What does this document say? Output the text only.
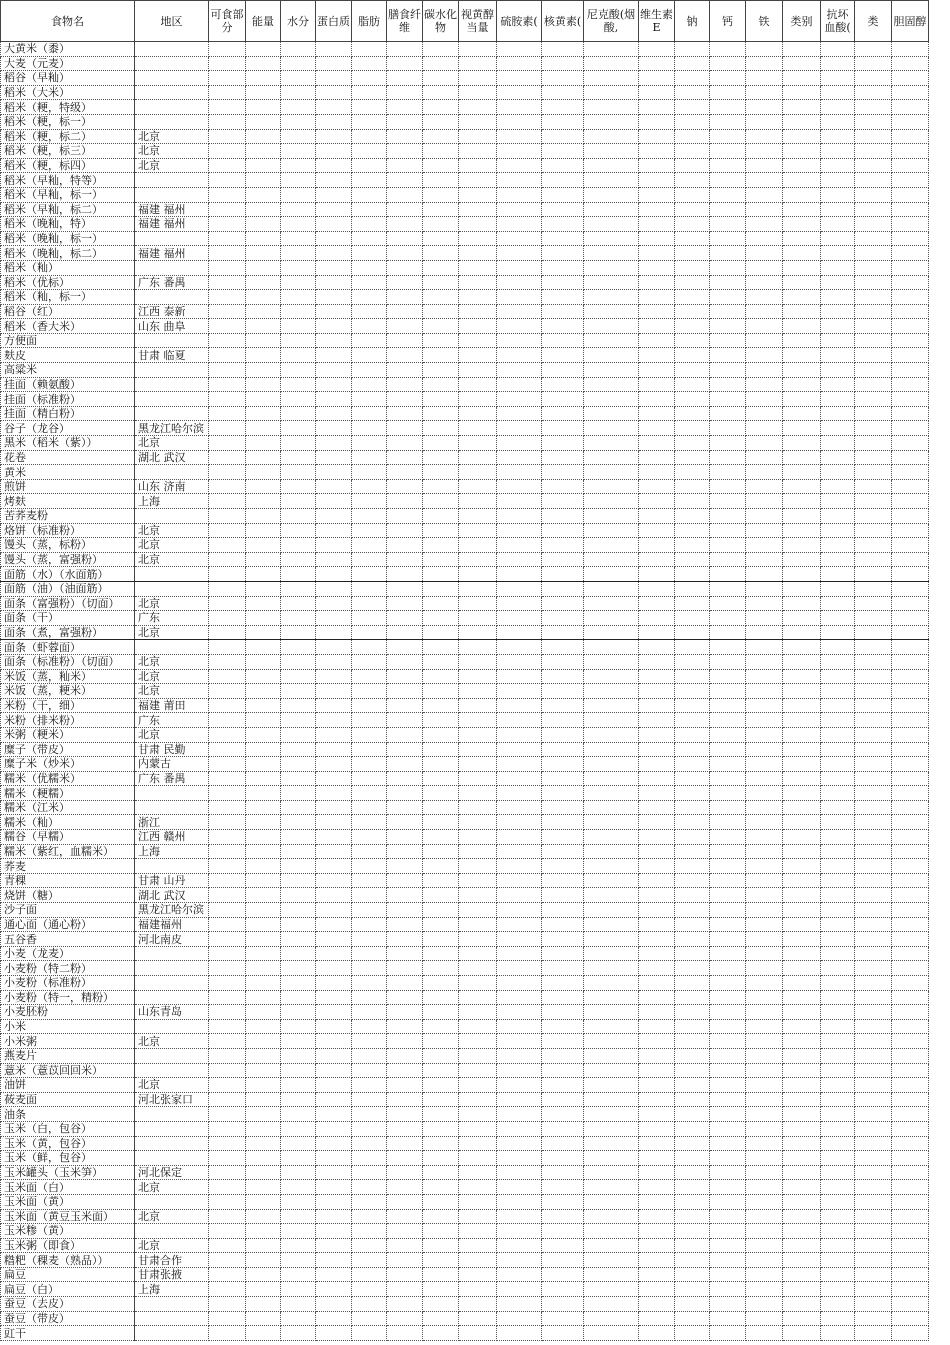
食物名	地区	可食部分	能量	水分	蛋白质	脂肪	膳食纤维	碳水化物	视黄醇当量	硫胺素(	核黄素(	尼克酸(烟酸,	维生素E	钠	钙	铁	类别	抗坏血酸(	类	胆固醇
大黄米（黍）																				
大麦（元麦）																				
稻谷（早籼）																				
稻米（大米）																				
稻米（粳，特级）																				
稻米（粳，标一）																				
稻米（粳，标二）	北京																			
稻米（粳，标三）	北京																			
稻米（粳，标四）	北京																			
稻米（早籼，特等）																				
稻米（早籼，标一）																				
稻米（早籼，标二）	福建 福州																			
稻米（晚籼，特）	福建 福州																			
稻米（晚籼，标一）																				
稻米（晚籼，标二）	福建 福州																			
稻米（籼）																				
稻米（优标）	广东 番禺																			
稻米（籼，标一）																				
稻谷（红）	江西 泰新																			
稻米（香大米）	山东 曲阜																			
方便面																				
麸皮	甘肃 临夏																			
高粱米																				
挂面（赖氨酸）																				
挂面（标准粉）																				
挂面（精白粉）																				
谷子（龙谷）	黑龙江哈尔滨																			
黑米（稻米（紫））	北京																			
花卷	湖北 武汉																			
黄米																				
煎饼	山东 济南																			
烤麸	上海																			
苦荞麦粉																				
烙饼（标准粉）	北京																			
馒头（蒸，标粉）	北京																			
馒头（蒸，富强粉）	北京																			
面筋（水）（水面筋）																				
面筋（油）（油面筋）																				
面条（富强粉）（切面）	北京																			
面条（干）	广东																			
面条（煮，富强粉）	北京																			
面条（虾蓉面）																				
面条（标准粉）（切面）	北京																			
米饭（蒸，籼米）	北京																			
米饭（蒸，粳米）	北京																			
米粉（干，细）	福建 莆田																			
米粉（排米粉）	广东																			
米粥（粳米）	北京																			
糜子（带皮）	甘肃 民勤																			
糜子米（炒米）	内蒙古																			
糯米（优糯米）	广东 番禺																			
糯米（粳糯）																				
糯米（江米）																				
糯米（籼）	浙江																			
糯谷（早糯）	江西 赣州																			
糯米（紫红，血糯米）	上海																			
荞麦																				
青稞	甘肃 山丹																			
烧饼（糖）	湖北 武汉																			
沙子面	黑龙江哈尔滨																			
通心面（通心粉）	福建福州																			
五谷香	河北南皮																			
小麦（龙麦）																				
小麦粉（特二粉）																				
小麦粉（标准粉）																				
小麦粉（特一，精粉）																				
小麦胚粉	山东青岛																			
小米																				
小米粥	北京																			
燕麦片																				
薏米（薏苡回回米）																				
油饼	北京																			
莜麦面	河北张家口																			
油条																				
玉米（白，包谷）																				
玉米（黄，包谷）																				
玉米（鲜，包谷）																				
玉米罐头（玉米笋）	河北保定																			
玉米面（白）	北京																			
玉米面（黄）																				
玉米面（黄豆玉米面）	北京																			
玉米糁（黄）																				
玉米粥（即食）	北京																			
糌粑（稞麦（熟品））	甘肃合作																			
扁豆	甘肃张掖																			
扁豆（白）	上海																			
蚕豆（去皮）																				
蚕豆（带皮）																				
豇干																				
